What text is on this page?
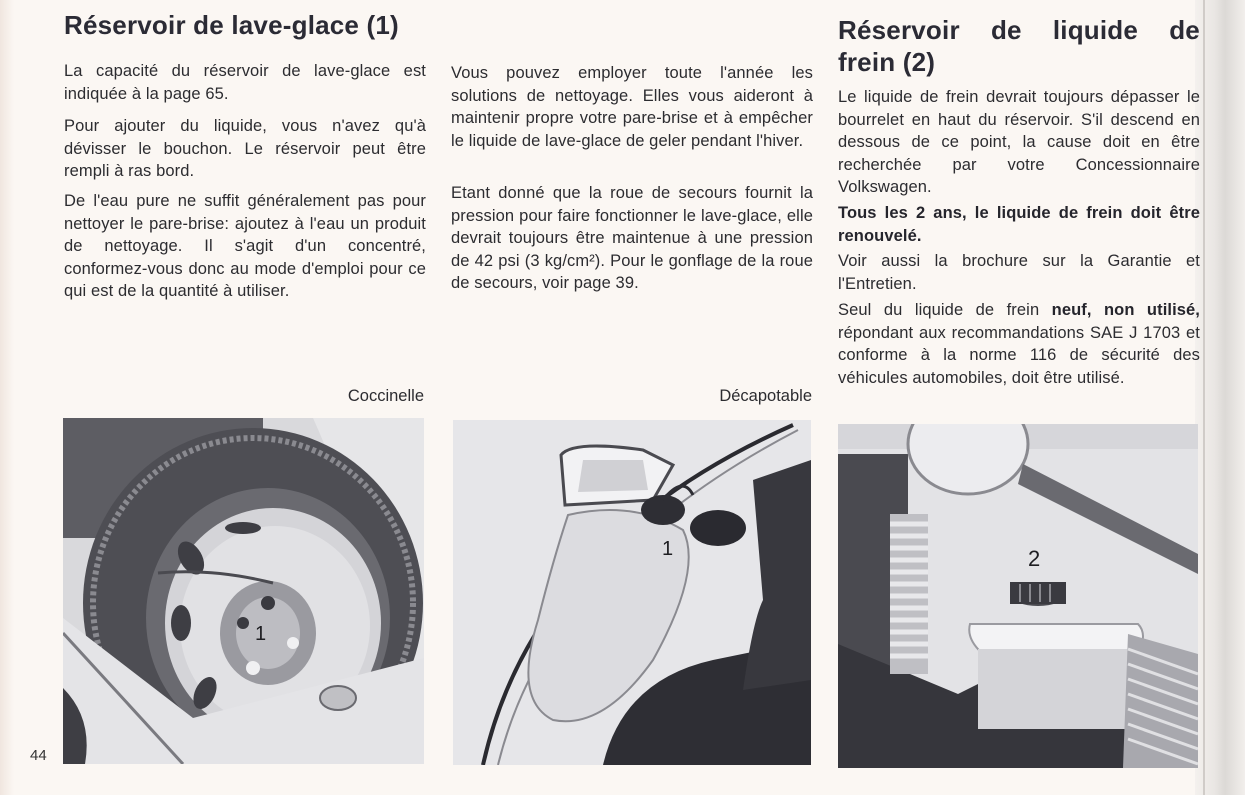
Réservoir de lave-glace (1)

La capacité du réservoir de lave-glace est indiquée à la page 65.

Pour ajouter du liquide, vous n'avez qu'à dévisser le bouchon. Le réservoir peut être rempli à ras bord.

De l'eau pure ne suffit généralement pas pour nettoyer le pare-brise: ajoutez à l'eau un produit de nettoyage. Il s'agit d'un concentré, conformez-vous donc au mode d'emploi pour ce qui est de la quantité à utiliser.

Coccinelle

Vous pouvez employer toute l'année les solutions de nettoyage. Elles vous aideront à maintenir propre votre pare-brise et à empêcher le liquide de lave-glace de geler pendant l'hiver.

Etant donné que la roue de secours fournit la pression pour faire fonctionner le lave-glace, elle devrait toujours être maintenue à une pression de 42 psi (3 kg/cm²). Pour le gonflage de la roue de secours, voir page 39.

Décapotable
Réservoir de liquide de
frein (2)

Le liquide de frein devrait toujours dépasser le bourrelet en haut du réservoir. S'il descend en dessous de ce point, la cause doit en être recherchée par votre Concessionnaire Volkswagen.

Tous les 2 ans, le liquide de frein doit être renouvelé.

Voir aussi la brochure sur la Garantie et l'Entretien.

Seul du liquide de frein neuf, non utilisé, répondant aux recommandations SAE J 1703 et conforme à la norme 116 de sécurité des véhicules automobiles, doit être utilisé.

1
1	2
44
